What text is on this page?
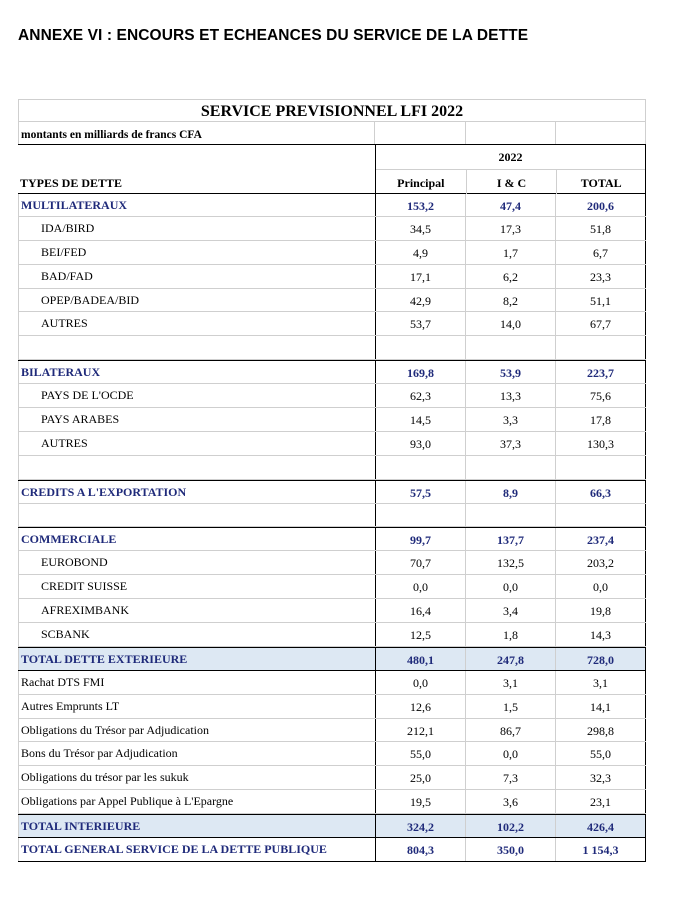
ANNEXE VI : ENCOURS ET ECHEANCES DU SERVICE DE LA DETTE
SERVICE PREVISIONNEL LFI 2022
montants en milliards de francs CFA
TYPES DE DETTE
2022
Principal	I & C	TOTAL
MULTILATERAUX	153,2	47,4	200,6
IDA/BIRD	34,5	17,3	51,8
BEI/FED	4,9	1,7	6,7
BAD/FAD	17,1	6,2	23,3
OPEP/BADEA/BID	42,9	8,2	51,1
AUTRES	53,7	14,0	67,7
BILATERAUX	169,8	53,9	223,7
PAYS DE L'OCDE	62,3	13,3	75,6
PAYS ARABES	14,5	3,3	17,8
AUTRES	93,0	37,3	130,3
CREDITS A L'EXPORTATION	57,5	8,9	66,3
COMMERCIALE	99,7	137,7	237,4
EUROBOND	70,7	132,5	203,2
CREDIT SUISSE	0,0	0,0	0,0
AFREXIMBANK	16,4	3,4	19,8
SCBANK	12,5	1,8	14,3
TOTAL DETTE EXTERIEURE	480,1	247,8	728,0
Rachat DTS FMI	0,0	3,1	3,1
Autres Emprunts LT	12,6	1,5	14,1
Obligations du Trésor par Adjudication	212,1	86,7	298,8
Bons du Trésor par Adjudication	55,0	0,0	55,0
Obligations du trésor par les sukuk	25,0	7,3	32,3
Obligations par Appel Publique à L'Epargne	19,5	3,6	23,1
TOTAL INTERIEURE	324,2	102,2	426,4
TOTAL GENERAL SERVICE DE LA DETTE PUBLIQUE	804,3	350,0	1 154,3
